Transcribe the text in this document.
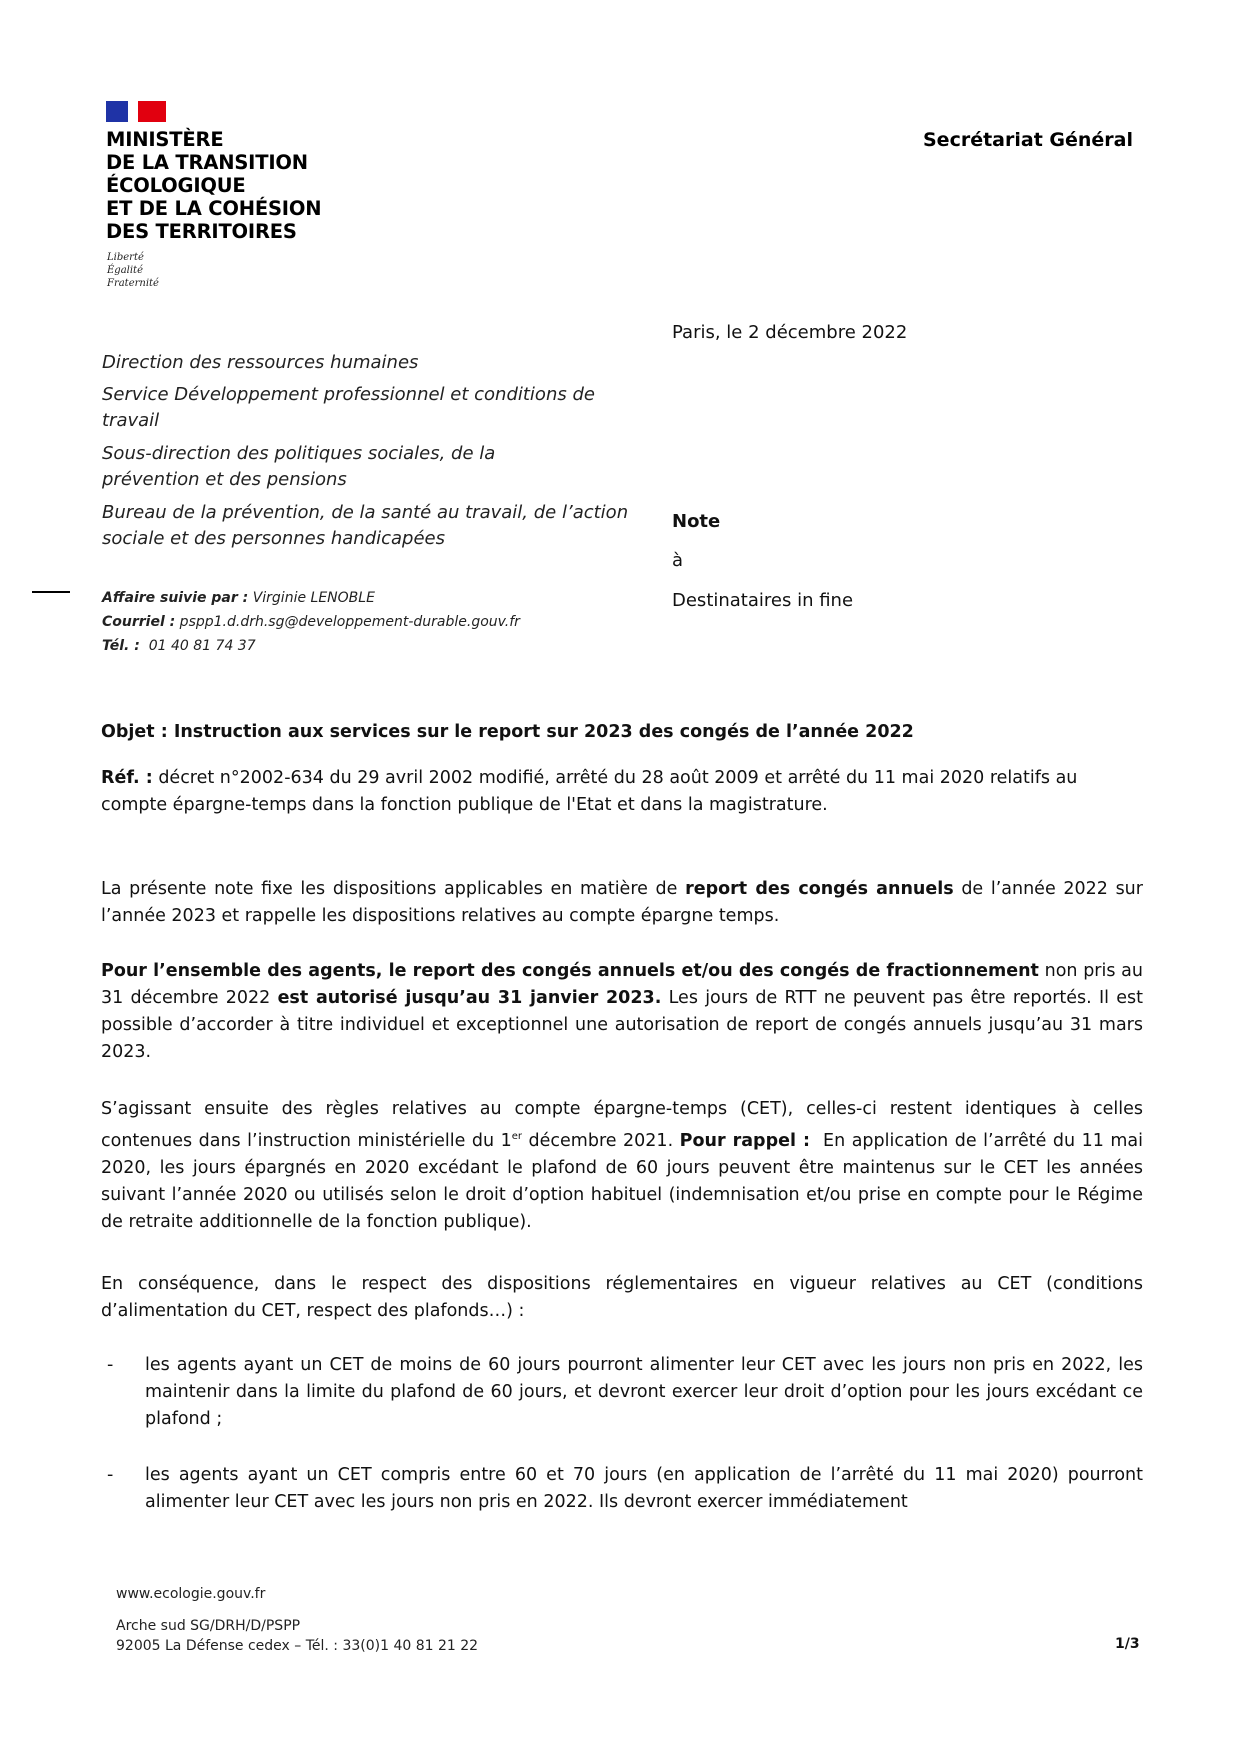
MINISTÈRE
DE LA TRANSITION
ÉCOLOGIQUE
ET DE LA COHÉSION
DES TERRITOIRES
Liberté
Égalité
Fraternité
Secrétariat Général
Paris, le 2 décembre 2022
Direction des ressources humaines
Service Développement professionnel et conditions de travail
Sous-direction des politiques sociales, de la prévention et des pensions
Bureau de la prévention, de la santé au travail, de l’action sociale et des personnes handicapées
Note
à
Destinataires in fine
Affaire suivie par : Virginie LENOBLE
Courriel : pspp1.d.drh.sg@developpement-durable.gouv.fr
Tél. :  01 40 81 74 37
Objet : Instruction aux services sur le report sur 2023 des congés de l’année 2022
Réf. : décret n°2002-634 du 29 avril 2002 modifié, arrêté du 28 août 2009 et arrêté du 11 mai 2020 relatifs au compte épargne-temps dans la fonction publique de l'Etat et dans la magistrature.
La présente note fixe les dispositions applicables en matière de report des congés annuels de l’année 2022 sur l’année 2023 et rappelle les dispositions relatives au compte épargne temps.
Pour l’ensemble des agents, le report des congés annuels et/ou des congés de fractionnement non pris au 31 décembre 2022 est autorisé jusqu’au 31 janvier 2023. Les jours de RTT ne peuvent pas être reportés. Il est possible d’accorder à titre individuel et exceptionnel une autorisation de report de congés annuels jusqu’au 31 mars 2023.
S’agissant ensuite des règles relatives au compte épargne-temps (CET), celles-ci restent identiques à celles contenues dans l’instruction ministérielle du 1er décembre 2021. Pour rappel :  En application de l’arrêté du 11 mai 2020, les jours épargnés en 2020 excédant le plafond de 60 jours peuvent être maintenus sur le CET les années suivant l’année 2020 ou utilisés selon le droit d’option habituel (indemnisation et/ou prise en compte pour le Régime de retraite additionnelle de la fonction publique).
En conséquence, dans le respect des dispositions réglementaires en vigueur relatives au CET (conditions d’alimentation du CET, respect des plafonds…) :
- les agents ayant un CET de moins de 60 jours pourront alimenter leur CET avec les jours non pris en 2022, les maintenir dans la limite du plafond de 60 jours, et devront exercer leur droit d’option pour les jours excédant ce plafond ;
- les agents ayant un CET compris entre 60 et 70 jours (en application de l’arrêté du 11 mai 2020) pourront alimenter leur CET avec les jours non pris en 2022. Ils devront exercer immédiatement
www.ecologie.gouv.fr
Arche sud SG/DRH/D/PSPP
92005 La Défense cedex – Tél. : 33(0)1 40 81 21 22	1/3
